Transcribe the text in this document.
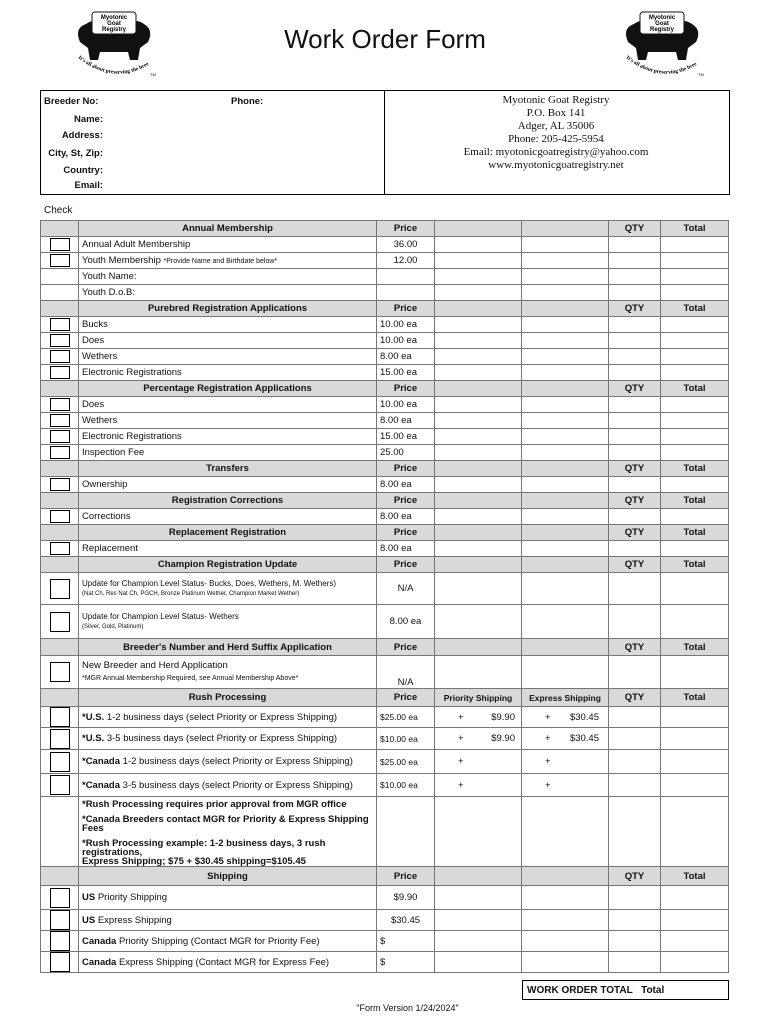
Myotonic
Goat
Registry
It's all about preserving the bree
TM
Myotonic
Goat
Registry
It's all about preserving the bree
TM
Work Order Form
Breeder No:	Phone:
Name:
Address:
City, St, Zip:
Country:
Email:
Myotonic Goat Registry
P.O. Box 141
Adger, AL 35006
Phone: 205-425-5954
Email: myotonicgoatregistry@yahoo.com
www.myotonicgoatregistry.net
Check
	Annual Membership	Price			QTY	Total
	Annual Adult Membership	36.00				
	Youth Membership *Provide Name and Birthdate below*	12.00				
	Youth Name:					
	Youth D.o.B:					
	Purebred Registration Applications	Price			QTY	Total
	Bucks	10.00 ea				
	Does	10.00 ea				
	Wethers	8.00 ea				
	Electronic Registrations	15.00 ea				
	Percentage Registration Applications	Price			QTY	Total
	Does	10.00 ea				
	Wethers	8.00 ea				
	Electronic Registrations	15.00 ea				
	Inspection Fee	25.00				
	Transfers	Price			QTY	Total
	Ownership	8.00 ea				
	Registration Corrections	Price			QTY	Total
	Corrections	8.00 ea				
	Replacement Registration	Price			QTY	Total
	Replacement	8.00 ea				
	Champion Registration Update	Price			QTY	Total

	Update for Champion Level Status- Bucks, Does, Wethers, M. Wethers)
(Nat Ch, Res Nat Ch, PGCH, Bronze Platinum Wether, Champion Market Wether)	N/A				

	Update for Champion Level Status- Wethers
(Silver, Gold, Platinum)	8.00 ea				
	Breeder's Number and Herd Suffix Application	Price			QTY	Total

	New Breeder and Herd Application
*MGR Annual Membership Required, see Annual Membership Above*	N/A				
	Rush Processing	Price	Priority Shipping	Express Shipping	QTY	Total
	*U.S. 1-2 business days (select Priority or Express Shipping)	$25.00 ea	+ $9.90	+ $30.45		

	*U.S. 3-5 business days (select Priority or Express Shipping)	$10.00 ea	+ $9.90	+ $30.45		

	*Canada 1-2 business days (select Priority or Express Shipping)	$25.00 ea	+	+		
	*Canada 3-5 business days (select Priority or Express Shipping)	$10.00 ea	+	+		

	*Rush Processing requires prior approval from MGR office
*Canada Breeders contact MGR for Priority & Express Shipping Fees
*Rush Processing example: 1-2 business days, 3 rush registrations,
Express Shipping; $75 + $30.45 shipping=$105.45					

	Shipping	Price			QTY	Total
	US Priority Shipping	$9.90				
	US Express Shipping	$30.45				
	Canada Priority Shipping (Contact MGR for Priority Fee)	$				
	Canada Express Shipping (Contact MGR for Express Fee)	$				
WORK ORDER TOTAL Total
"Form Version 1/24/2024"
